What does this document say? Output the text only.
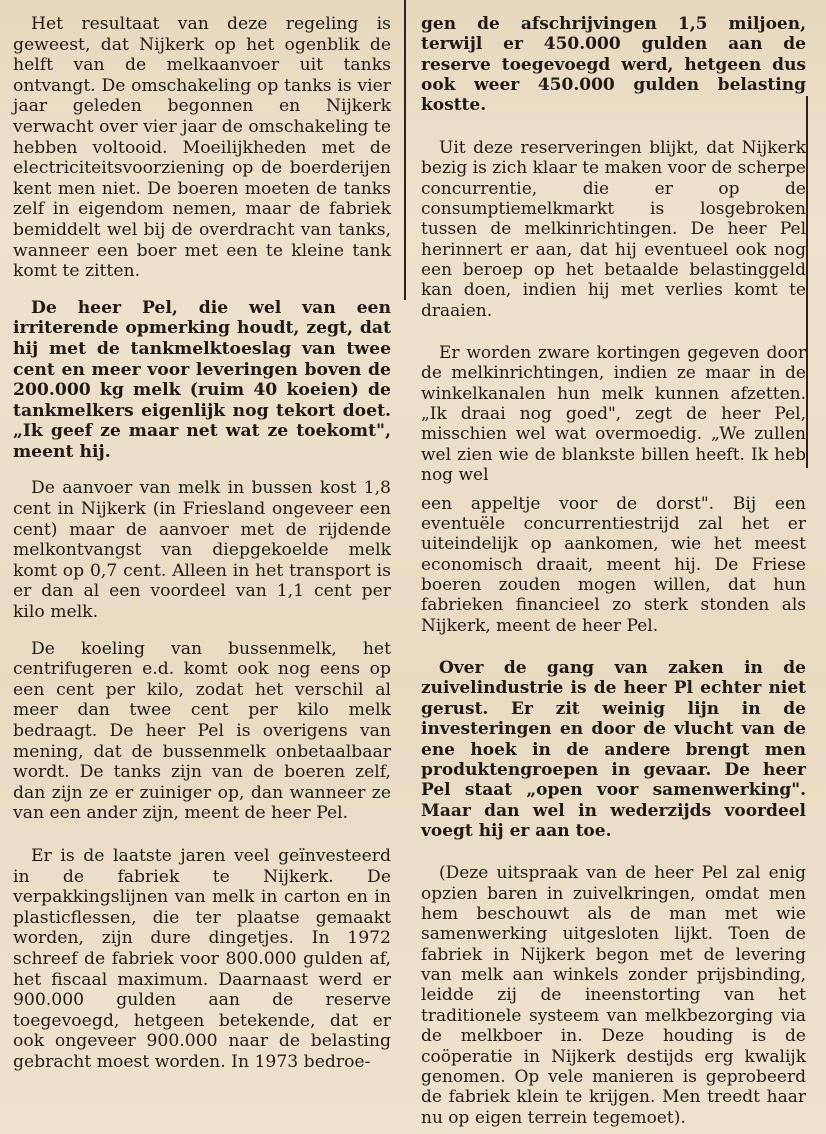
Het resultaat van deze regeling is geweest, dat Nijkerk op het ogenblik de helft van de melkaanvoer uit tanks ontvangt. De omschakeling op tanks is vier jaar geleden begonnen en Nijkerk verwacht over vier jaar de omschakeling te hebben voltooid. Moeilijkheden met de electriciteitsvoorziening op de boerderijen kent men niet. De boeren moeten de tanks zelf in eigendom nemen, maar de fabriek bemiddelt wel bij de overdracht van tanks, wanneer een boer met een te kleine tank komt te zitten.

De heer Pel, die wel van een irriterende opmerking houdt, zegt, dat hij met de tankmelktoeslag van twee cent en meer voor leveringen boven de 200.000 kg melk (ruim 40 koeien) de tankmelkers eigenlijk nog tekort doet. „Ik geef ze maar net wat ze toekomt", meent hij.

De aanvoer van melk in bussen kost 1,8 cent in Nijkerk (in Friesland ongeveer een cent) maar de aanvoer met de rijdende melkontvangst van diepgekoelde melk komt op 0,7 cent. Alleen in het transport is er dan al een voordeel van 1,1 cent per kilo melk.

De koeling van bussenmelk, het centrifugeren e.d. komt ook nog eens op een cent per kilo, zodat het verschil al meer dan twee cent per kilo melk bedraagt. De heer Pel is overigens van mening, dat de bussenmelk onbetaalbaar wordt. De tanks zijn van de boeren zelf, dan zijn ze er zuiniger op, dan wanneer ze van een ander zijn, meent de heer Pel.

Er is de laatste jaren veel geïnvesteerd in de fabriek te Nijkerk. De verpakkingslijnen van melk in carton en in plasticflessen, die ter plaatse gemaakt worden, zijn dure dingetjes. In 1972 schreef de fabriek voor 800.000 gulden af, het fiscaal maximum. Daarnaast werd er 900.000 gulden aan de reserve toegevoegd, hetgeen betekende, dat er ook ongeveer 900.000 naar de belasting gebracht moest worden. In 1973 bedroe-

gen de afschrijvingen 1,5 miljoen, terwijl er 450.000 gulden aan de reserve toegevoegd werd, hetgeen dus ook weer 450.000 gulden belasting kostte.

Uit deze reserveringen blijkt, dat Nijkerk bezig is zich klaar te maken voor de scherpe concurrentie, die er op de consumptiemelkmarkt is losgebroken tussen de melkinrichtingen. De heer Pel herinnert er aan, dat hij eventueel ook nog een beroep op het betaalde belastinggeld kan doen, indien hij met verlies komt te draaien.

Er worden zware kortingen gegeven door de melkinrichtingen, indien ze maar in de winkelkanalen hun melk kunnen afzetten. „Ik draai nog goed", zegt de heer Pel, misschien wel wat overmoedig. „We zullen wel zien wie de blankste billen heeft. Ik heb nog wel

een appeltje voor de dorst". Bij een eventuële concurrentiestrijd zal het er uiteindelijk op aankomen, wie het meest economisch draait, meent hij. De Friese boeren zouden mogen willen, dat hun fabrieken financieel zo sterk stonden als Nijkerk, meent de heer Pel.

Over de gang van zaken in de zuivelindustrie is de heer Pl echter niet gerust. Er zit weinig lijn in de investeringen en door de vlucht van de ene hoek in de andere brengt men produktengroepen in gevaar. De heer Pel staat „open voor samenwerking". Maar dan wel in wederzijds voordeel voegt hij er aan toe.

(Deze uitspraak van de heer Pel zal enig opzien baren in zuivelkringen, omdat men hem beschouwt als de man met wie samenwerking uitgesloten lijkt. Toen de fabriek in Nijkerk begon met de levering van melk aan winkels zonder prijsbinding, leidde zij de ineenstorting van het traditionele systeem van melkbezorging via de melkboer in. Deze houding is de coöperatie in Nijkerk destijds erg kwalijk genomen. Op vele manieren is geprobeerd de fabriek klein te krijgen. Men treedt haar nu op eigen terrein tegemoet).
